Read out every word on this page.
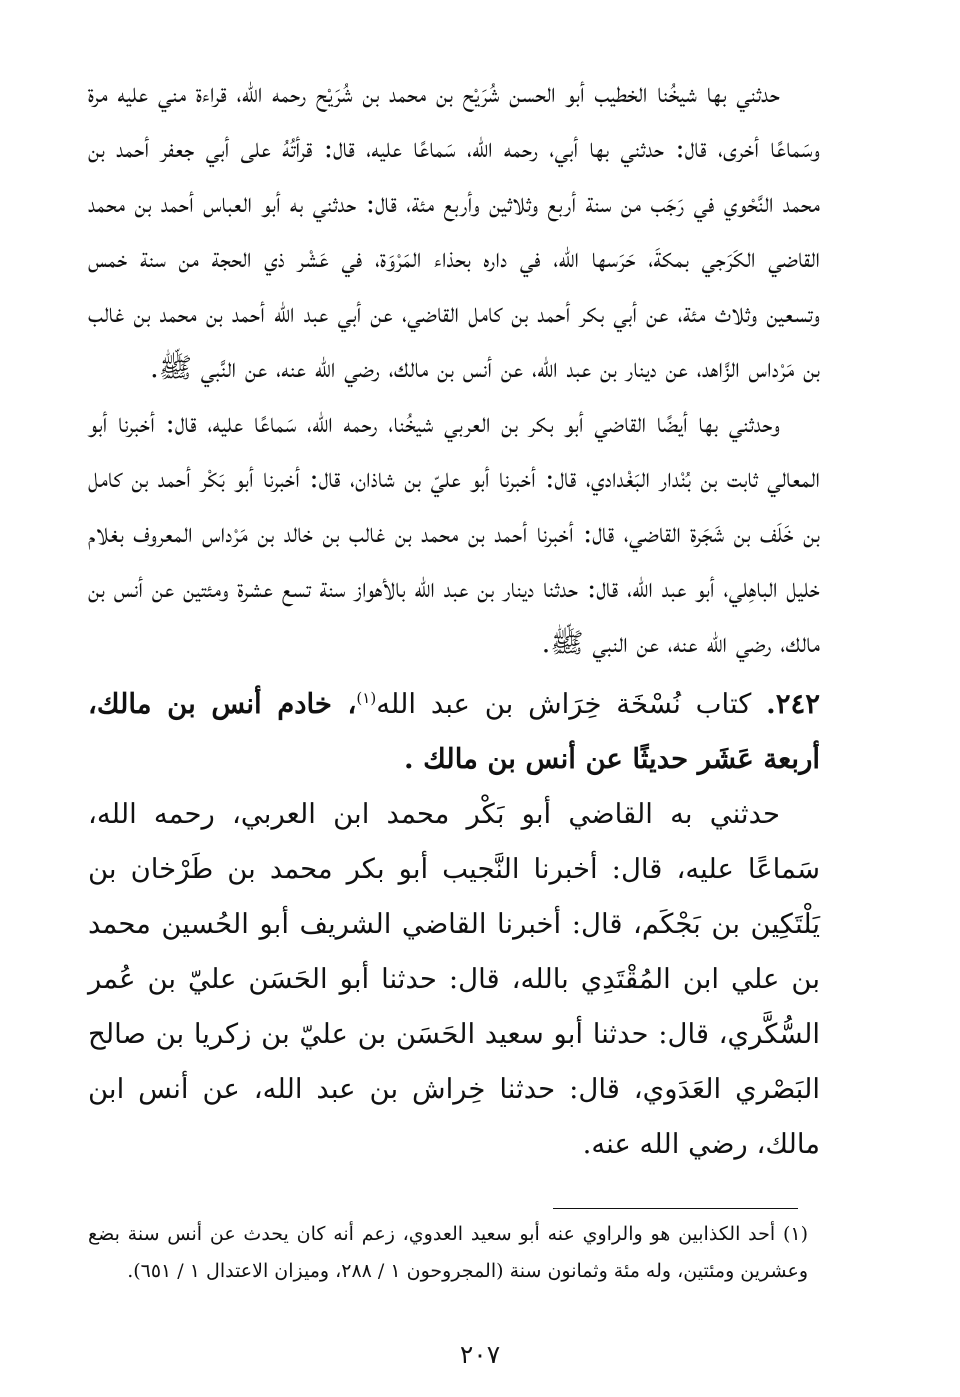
حدثني بها شيخُنا الخطيب أبو الحسن شُرَيْح بن محمد بن شُرَيْح رحمه الله، قراءة مني عليه مرة وسَماعًا أخرى، قال: حدثني بها أبي، رحمه الله، سَماعًا عليه، قال: قرأتُهُ على أبي جعفر أحمد بن محمد النَّحْوي في رَجَب من سنة أربع وثلاثين وأربع مئة، قال: حدثني به أبو العباس أحمد بن محمد القاضي الكَرَجي بمكةَ، حَرَسها الله، في داره بحذاء المَرْوَة، في عَشْر ذي الحجة من سنة خمس وتسعين وثلاث مئة، عن أبي بكر أحمد بن كامل القاضي، عن أبي عبد الله أحمد بن محمد بن غالب بن مَرْداس الزَّاهد، عن دينار بن عبد الله، عن أنس بن مالك، رضي الله عنه، عن النَّبي ﷺ.

وحدثني بها أيضًا القاضي أبو بكر بن العربي شيخُنا، رحمه الله، سَماعًا عليه، قال: أخبرنا أبو المعالي ثابت بن بُنْدار البَغْدادي، قال: أخبرنا أبو عليّ بن شاذان، قال: أخبرنا أبو بَكْر أحمد بن كامل بن خَلَف بن شَجَرة القاضي، قال: أخبرنا أحمد بن محمد بن غالب بن خالد بن مَرْداس المعروف بغلام خليل الباهِلي، أبو عبد الله، قال: حدثنا دينار بن عبد الله بالأهواز سنة تسع عشرة ومئتين عن أنس بن مالك، رضي الله عنه، عن النبي ﷺ.

٢٤٢. كتاب نُسْخَة خِرَاش بن عبد الله$^{(١)}$، خادم أنس بن مالك، أربعة عَشَر حديثًا عن أنس بن مالك .

حدثني به القاضي أبو بَكْر محمد ابن العربي، رحمه الله، سَماعًا عليه، قال: أخبرنا النَّجيب أبو بكر محمد بن طَرْخان بن يَلْتَكِين بن بَجْكَم، قال: أخبرنا القاضي الشريف أبو الحُسين محمد بن علي ابن المُقْتَدِي بالله، قال: حدثنا أبو الحَسَن عليّ بن عُمر السُّكَّري، قال: حدثنا أبو سعيد الحَسَن بن عليّ بن زكريا بن صالح البَصْري العَدَوي، قال: حدثنا خِراش بن عبد الله، عن أنس ابن مالك، رضي الله عنه.

(١) أحد الكذابين هو والراوي عنه أبو سعيد العدوي، زعم أنه كان يحدث عن أنس سنة بضع وعشرين ومئتين، وله مئة وثمانون سنة (المجروحون ١ / ٢٨٨، وميزان الاعتدال ١ / ٦٥١).
٢٠٧
